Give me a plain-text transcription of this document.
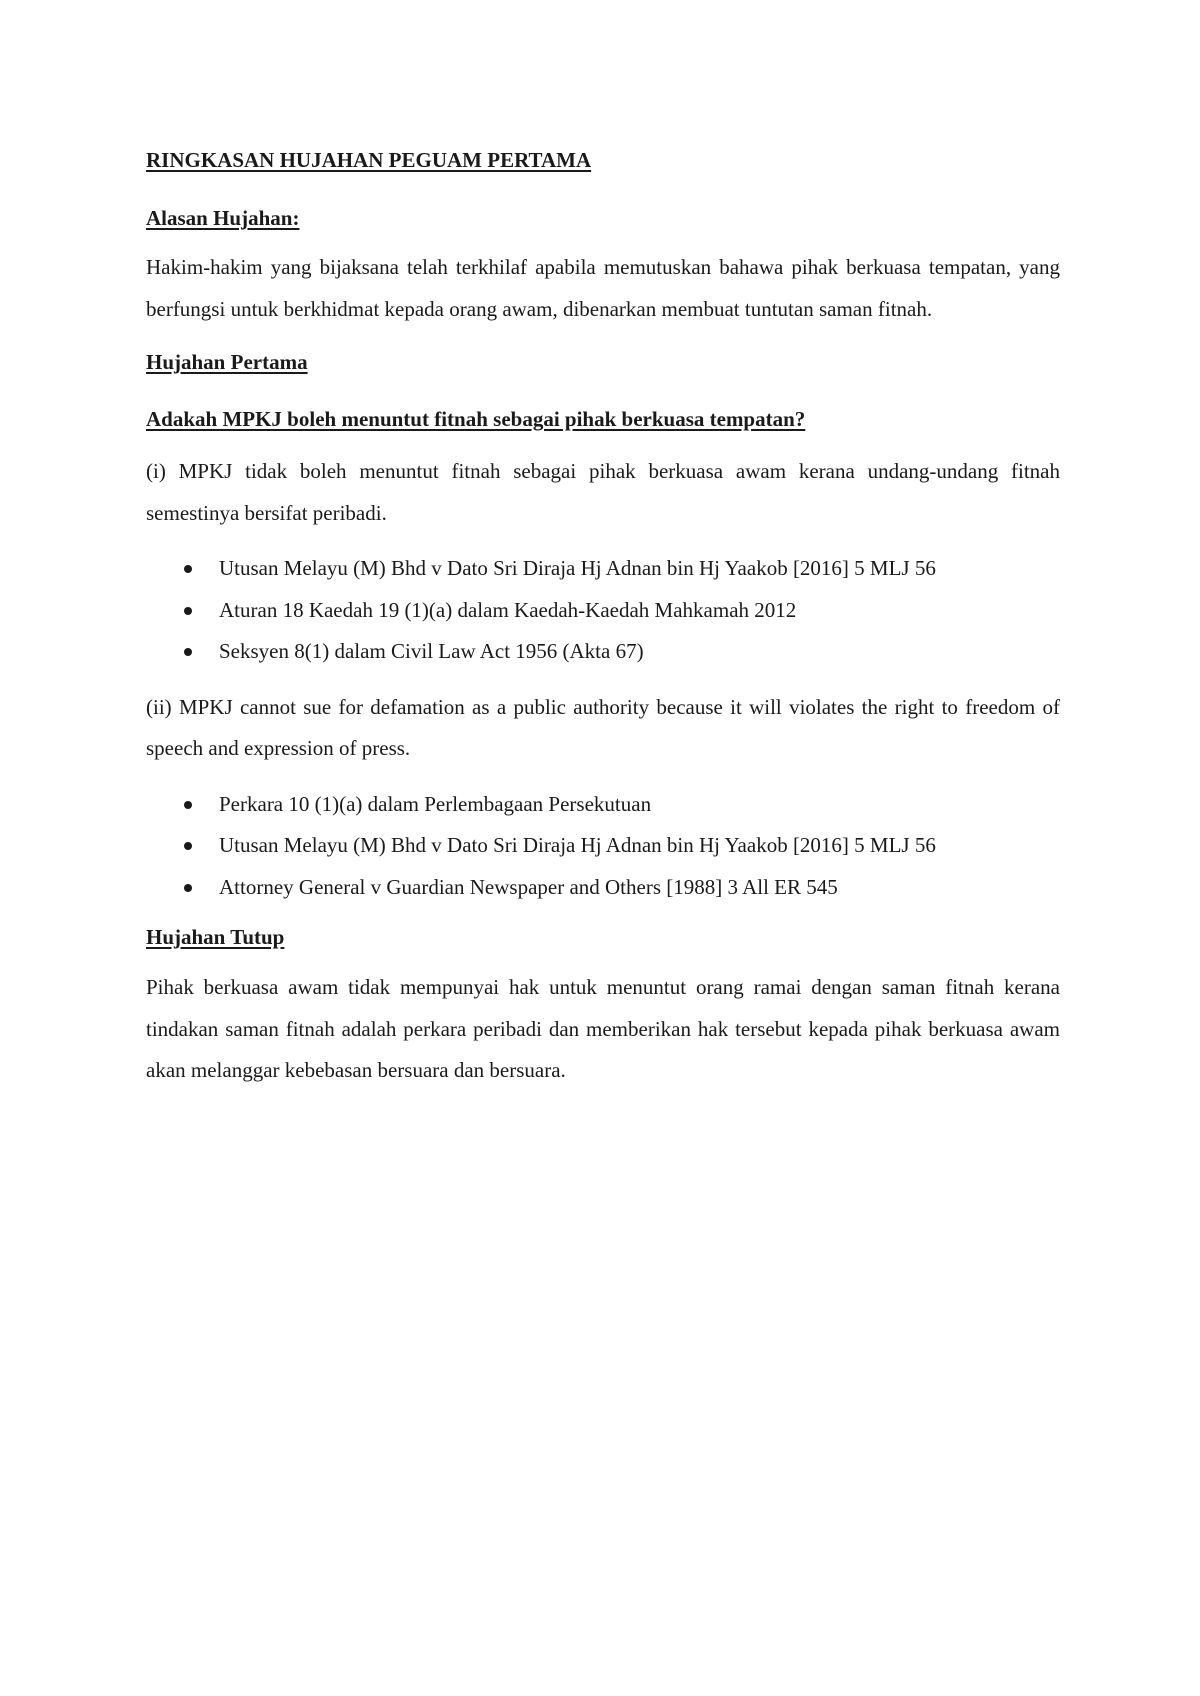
RINGKASAN HUJAHAN PEGUAM PERTAMA

Alasan Hujahan:

Hakim-hakim yang bijaksana telah terkhilaf apabila memutuskan bahawa pihak berkuasa tempatan, yang berfungsi untuk berkhidmat kepada orang awam, dibenarkan membuat tuntutan saman fitnah.

Hujahan Pertama

Adakah MPKJ boleh menuntut fitnah sebagai pihak berkuasa tempatan?

(i) MPKJ tidak boleh menuntut fitnah sebagai pihak berkuasa awam kerana undang-undang fitnah semestinya bersifat peribadi.

Utusan Melayu (M) Bhd v Dato Sri Diraja Hj Adnan bin Hj Yaakob [2016] 5 MLJ 56
Aturan 18 Kaedah 19 (1)(a) dalam Kaedah-Kaedah Mahkamah 2012
Seksyen 8(1) dalam Civil Law Act 1956 (Akta 67)

(ii) MPKJ cannot sue for defamation as a public authority because it will violates the right to freedom of speech and expression of press.

Perkara 10 (1)(a) dalam Perlembagaan Persekutuan
Utusan Melayu (M) Bhd v Dato Sri Diraja Hj Adnan bin Hj Yaakob [2016] 5 MLJ 56
Attorney General v Guardian Newspaper and Others [1988] 3 All ER 545

Hujahan Tutup

Pihak berkuasa awam tidak mempunyai hak untuk menuntut orang ramai dengan saman fitnah kerana tindakan saman fitnah adalah perkara peribadi dan memberikan hak tersebut kepada pihak berkuasa awam akan melanggar kebebasan bersuara dan bersuara.
